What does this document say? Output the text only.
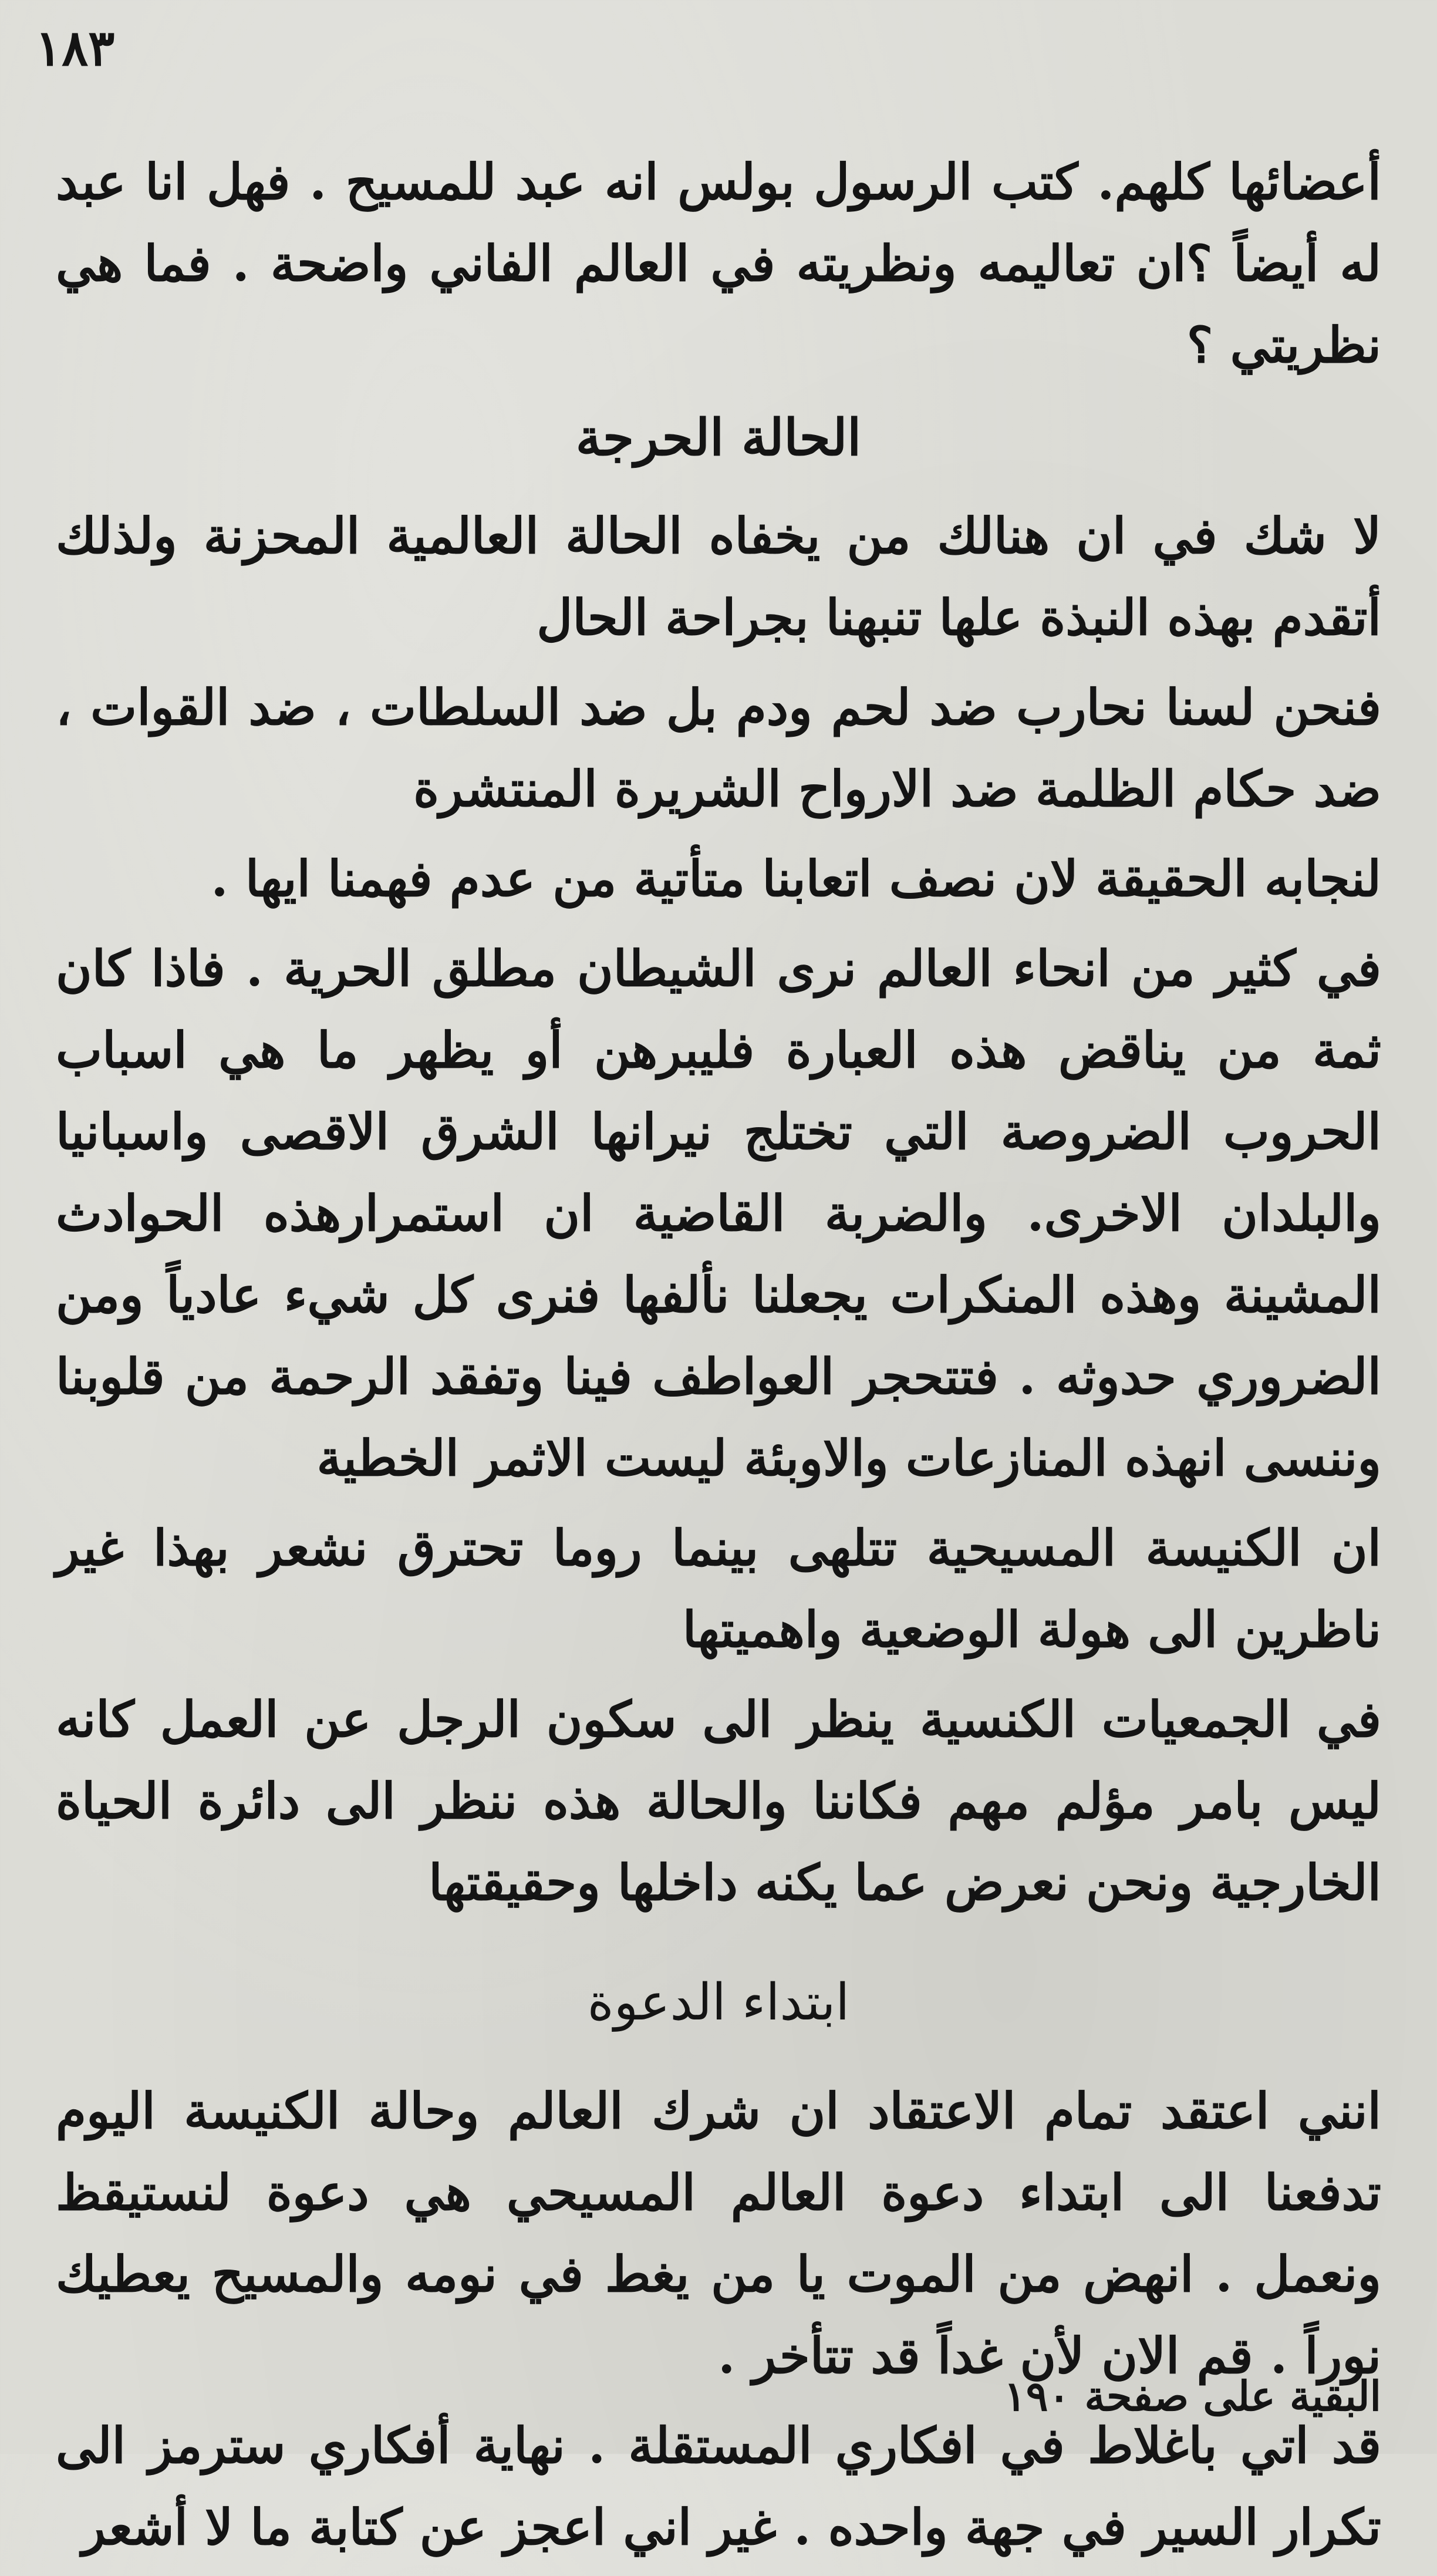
١٨٣

أعضائها كلهم. كتب الرسول بولس انه عبد للمسيح . فهل انا عبد له أيضاً ؟ان تعاليمه ونظريته في العالم الفاني واضحة . فما هي نظريتي ؟

الحالة الحرجة

لا شك في ان هنالك من يخفاه الحالة العالمية المحزنة ولذلك أتقدم بهذه النبذة علها تنبهنا بجراحة الحال

فنحن لسنا نحارب ضد لحم ودم بل ضد السلطات ، ضد القوات ، ضد حكام الظلمة ضد الارواح الشريرة المنتشرة

لنجابه الحقيقة لان نصف اتعابنا متأتية من عدم فهمنا ايها .

في كثير من انحاء العالم نرى الشيطان مطلق الحرية . فاذا كان ثمة من يناقض هذه العبارة فليبرهن أو يظهر ما هي اسباب الحروب الضروصة التي تختلج نيرانها الشرق الاقصى واسبانيا والبلدان الاخرى. والضربة القاضية ان استمرارهذه الحوادث المشينة وهذه المنكرات يجعلنا نألفها فنرى كل شيء عادياً ومن الضروري حدوثه . فتتحجر العواطف فينا وتفقد الرحمة من قلوبنا وننسى انهذه المنازعات والاوبئة ليست الاثمر الخطية

ان الكنيسة المسيحية تتلهى بينما روما تحترق نشعر بهذا غير ناظرين الى هولة الوضعية واهميتها

في الجمعيات الكنسية ينظر الى سكون الرجل عن العمل كانه ليس بامر مؤلم مهم فكاننا والحالة هذه ننظر الى دائرة الحياة الخارجية ونحن نعرض عما يكنه داخلها وحقيقتها

ابتداء الدعوة

انني اعتقد تمام الاعتقاد ان شرك العالم وحالة الكنيسة اليوم تدفعنا الى ابتداء دعوة العالم المسيحي هي دعوة لنستيقظ ونعمل . انهض من الموت يا من يغط في نومه والمسيح يعطيك نوراً . قم الان لأن غداً قد تتأخر .

قد اتي باغلاط في افكاري المستقلة . نهاية أفكاري سترمز الى تكرار السير في جهة واحده . غير اني اعجز عن كتابة ما لا أشعر

البقية على صفحة ١٩٠
